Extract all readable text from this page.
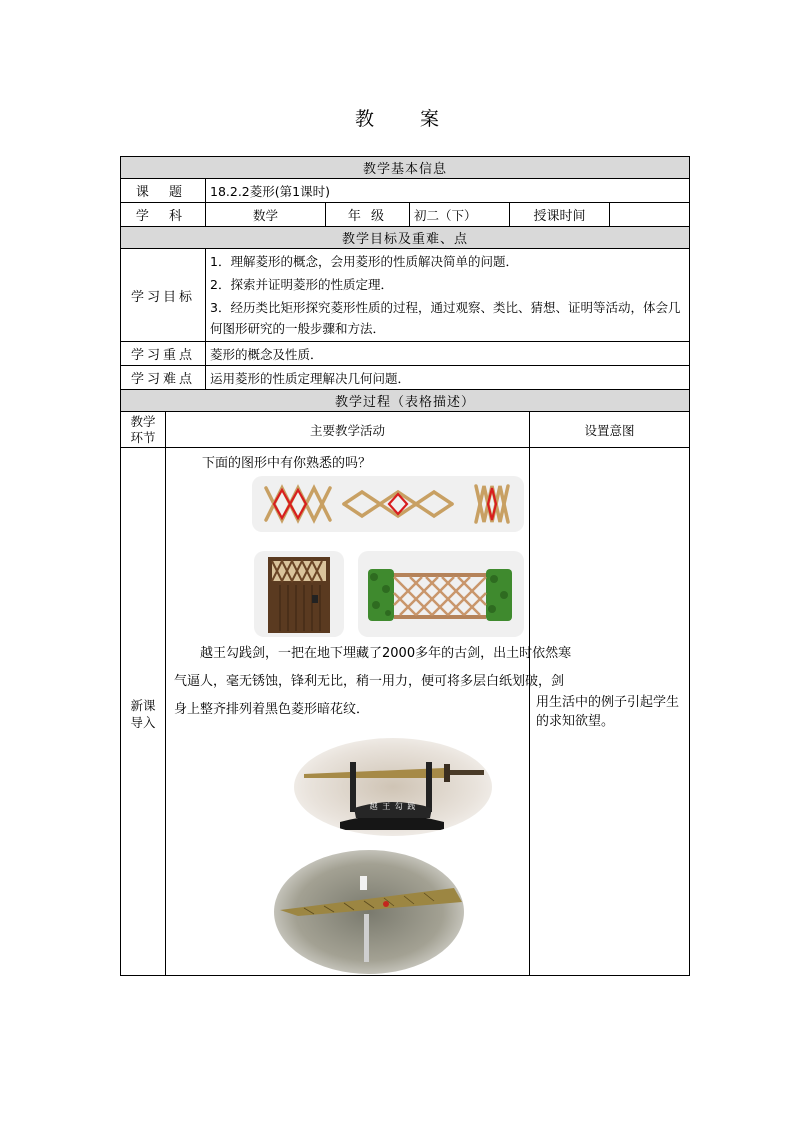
教 案
教学基本信息							
课 题		18.2.2菱形(第1课时)					
学 科		数学	年 级	初二（下）	授课时间		
教学目标及重难、点							
学习目标		1．理解菱形的概念，会用菱形的性质解决简单的问题．

2．探索并证明菱形的性质定理．

3．经历类比矩形探究菱形性质的过程，通过观察、类比、猜想、证明等活动，体会几何图形研究的一般步骤和方法．					

学习重点		菱形的概念及性质．					
学习难点		运用菱形的性质定理解决几何问题．					
教学过程（表格描述）							
教学环节	主要教学活动					设置意图	
新课导入	下面的图形中有你熟悉的吗？

越王勾践剑，一把在地下埋藏了2000多年的古剑，出土时依然寒气逼人，毫无锈蚀，锋利无比，稍一用力，便可将多层白纸划破，剑身上整齐排列着黑色菱形暗花纹．

越 王 勾 践					用生活中的例子引起学生的求知欲望。	
